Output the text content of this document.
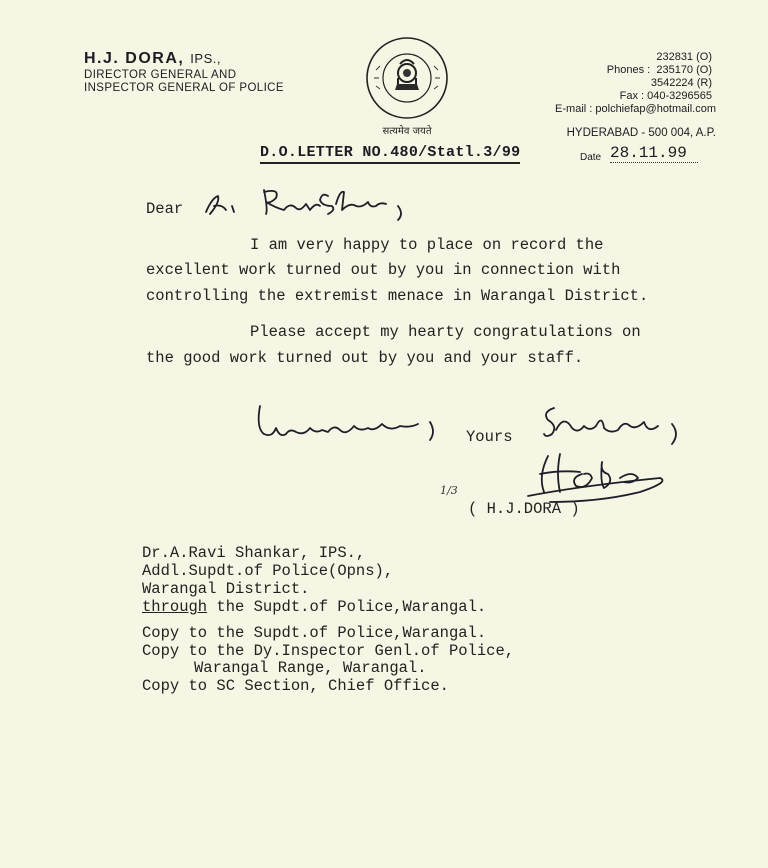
H.J. DORA, IPS.,
DIRECTOR GENERAL AND
INSPECTOR GENERAL OF POLICE
सत्यमेव जयते
232831 (O)
Phones : 235170 (O)
3542224 (R)
Fax : 040-3296565
E-mail : polchiefap@hotmail.com
HYDERABAD - 500 004, A.P.
D.O.LETTER NO.480/Statl.3/99	Date 28.11.99
Dear
I am very happy to place on record the
excellent work turned out by you in connection with
controlling the extremist menace in Warangal District.
Please accept my hearty congratulations on
the good work turned out by you and your staff.
Yours
1/3
( H.J.DORA )
Dr.A.Ravi Shankar, IPS.,
Addl.Supdt.of Police(Opns),
Warangal District.
through the Supdt.of Police,Warangal.
Copy to the Supdt.of Police,Warangal.
Copy to the Dy.Inspector Genl.of Police,
Warangal Range, Warangal.
Copy to SC Section, Chief Office.
